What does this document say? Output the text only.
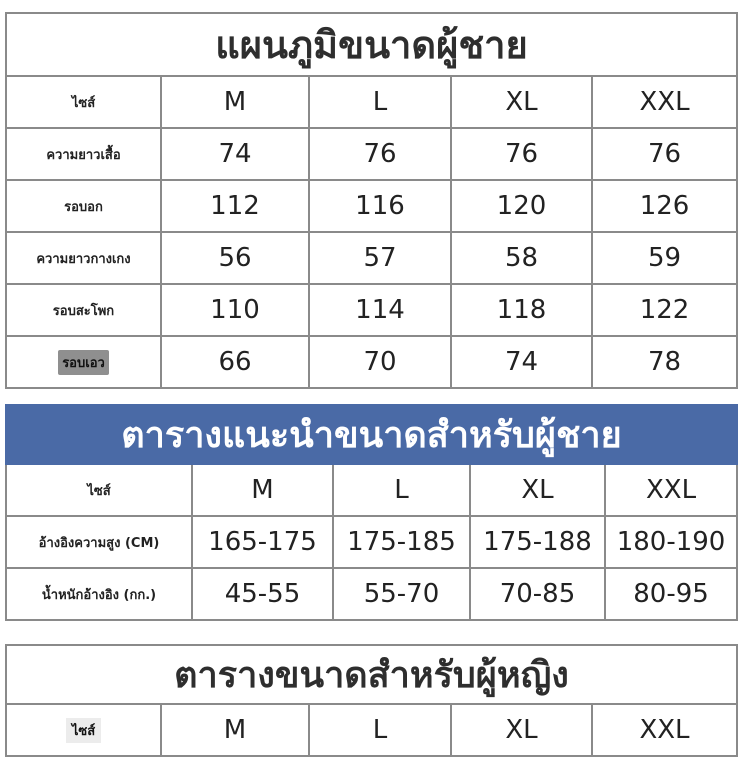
แผนภูมิขนาดผู้ชาย				
ไซส์	M	L	XL	XXL
ความยาวเสื้อ	74	76	76	76
รอบอก	112	116	120	126
ความยาวกางเกง	56	57	58	59
รอบสะโพก	110	114	118	122
รอบเอว	66	70	74	78
ตารางแนะนำขนาดสำหรับผู้ชาย				
ไซส์	M	L	XL	XXL
อ้างอิงความสูง (CM)	165-175	175-185	175-188	180-190
น้ำหนักอ้างอิง (กก.)	45-55	55-70	70-85	80-95
ตารางขนาดสำหรับผู้หญิง
ไซส์	M	L	XL	XXL
